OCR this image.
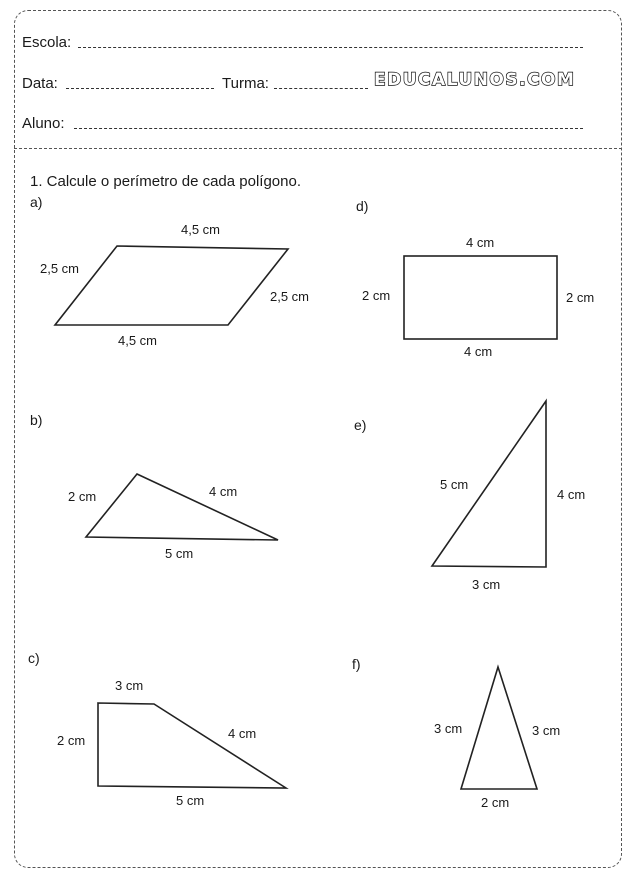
Escola:
Data:	Turma:	EDUCALUNOS.COM
Aluno:
1. Calcule o perímetro de cada polígono.
a)	d)
b)	e)
c)	f)
4,5 cm
2,5 cm
2,5 cm
4,5 cm
4 cm
2 cm	2 cm
4 cm
2 cm	4 cm
5 cm
5 cm
4 cm
3 cm
3 cm
2 cm	4 cm
5 cm
3 cm	3 cm
2 cm
